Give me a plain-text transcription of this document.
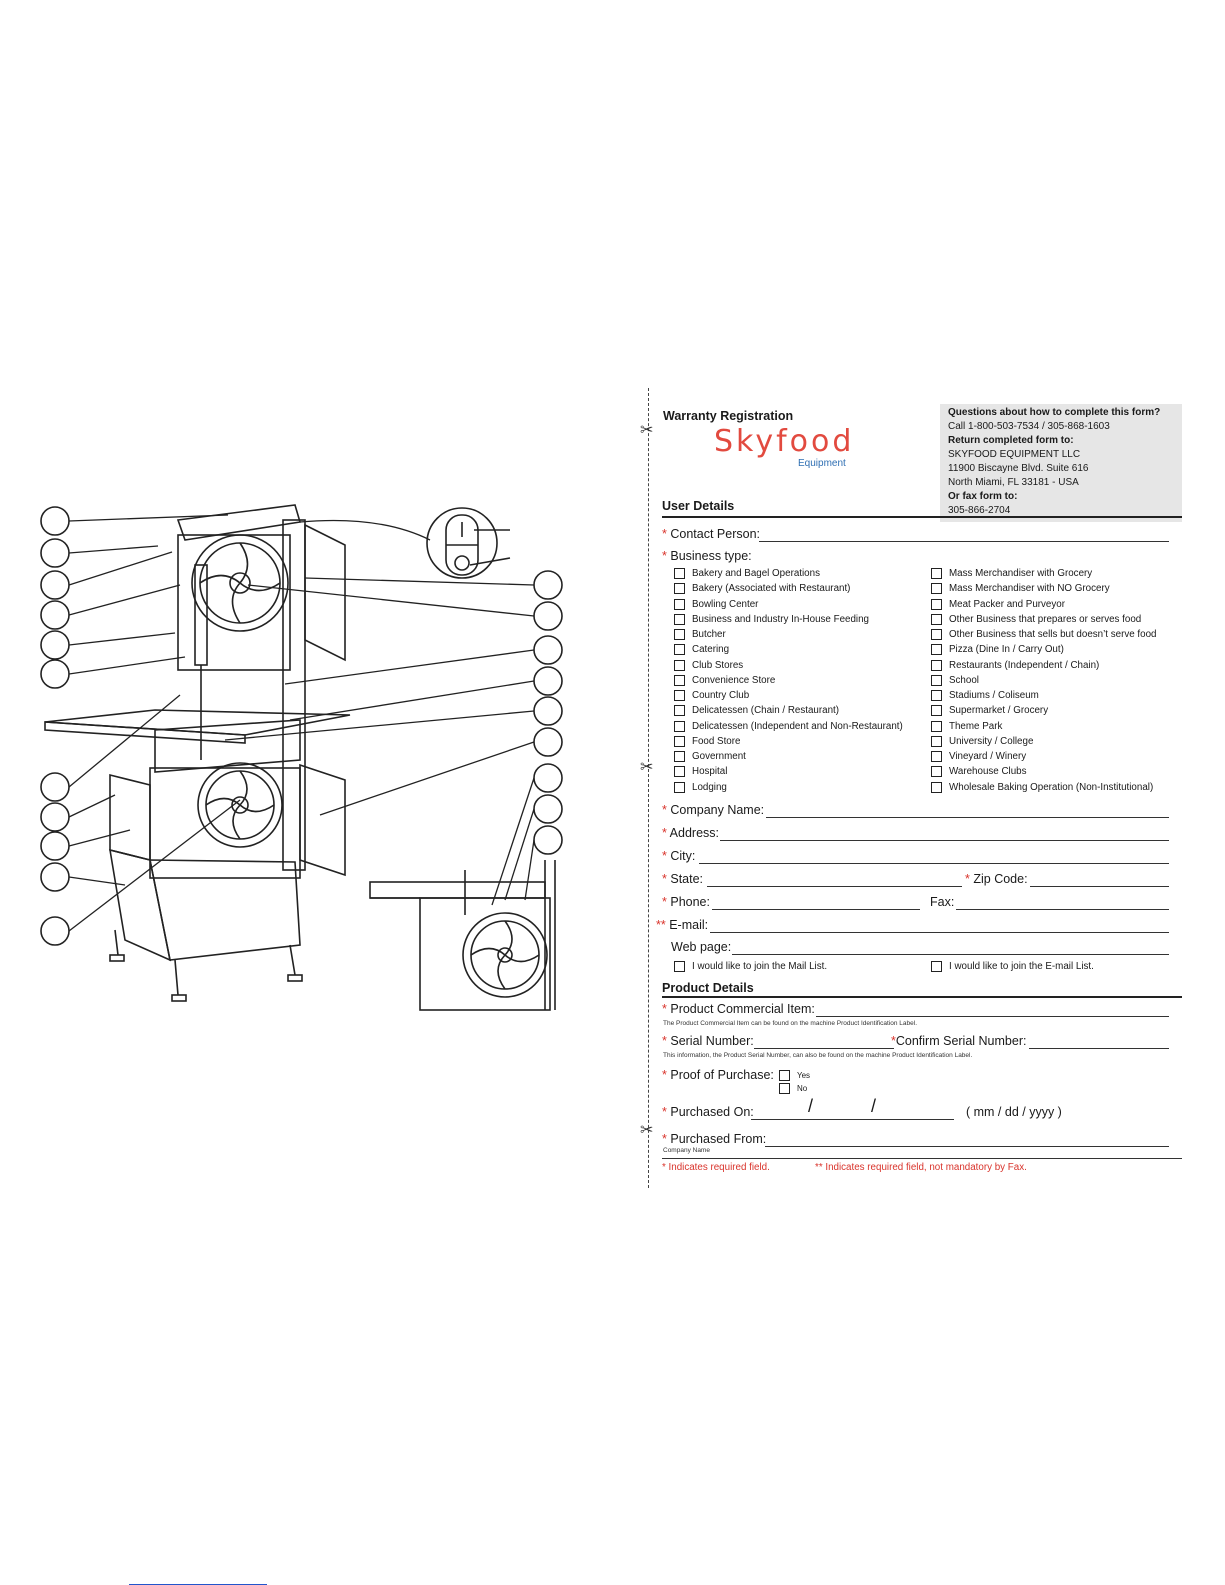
✂
✂
✂
Warranty Registration
Skyfood
Equipment
Questions about how to complete this form?
Call 1-800-503-7534 / 305-868-1603
Return completed form to:
SKYFOOD EQUIPMENT LLC
11900 Biscayne Blvd. Suite 616
North Miami, FL 33181 - USA
Or fax form to:
305-866-2704
User Details
* Contact Person:
* Business type:
Bakery and Bagel Operations
Bakery (Associated with Restaurant)
Bowling Center
Business and Industry In-House Feeding
Butcher
Catering
Club Stores
Convenience Store
Country Club
Delicatessen (Chain / Restaurant)
Delicatessen (Independent and Non-Restaurant)
Food Store
Government
Hospital
Lodging
Mass Merchandiser with Grocery
Mass Merchandiser with NO Grocery
Meat Packer and Purveyor
Other Business that prepares or serves food
Other Business that sells but doesn’t serve food
Pizza (Dine In / Carry Out)
Restaurants (Independent / Chain)
School
Stadiums / Coliseum
Supermarket / Grocery
Theme Park
University / College
Vineyard / Winery
Warehouse Clubs
Wholesale Baking Operation (Non-Institutional)
* Company Name:
* Address:
* City:
* State:	* Zip Code:
* Phone:	Fax:
** E-mail:
Web page:
I would like to join the Mail List.	I would like to join the E-mail List.
Product Details
* Product Commercial Item:
The Product Commercial Item can be found on the machine Product Identification Label.
* Serial Number:	*Confirm Serial Number:
This information, the Product Serial Number, can also be found on the machine Product Identification Label.
* Proof of Purchase:	Yes
No
* Purchased On:	/	/	( mm / dd / yyyy )
* Purchased From:
Company Name
* Indicates required field.	** Indicates required field, not mandatory by Fax.
